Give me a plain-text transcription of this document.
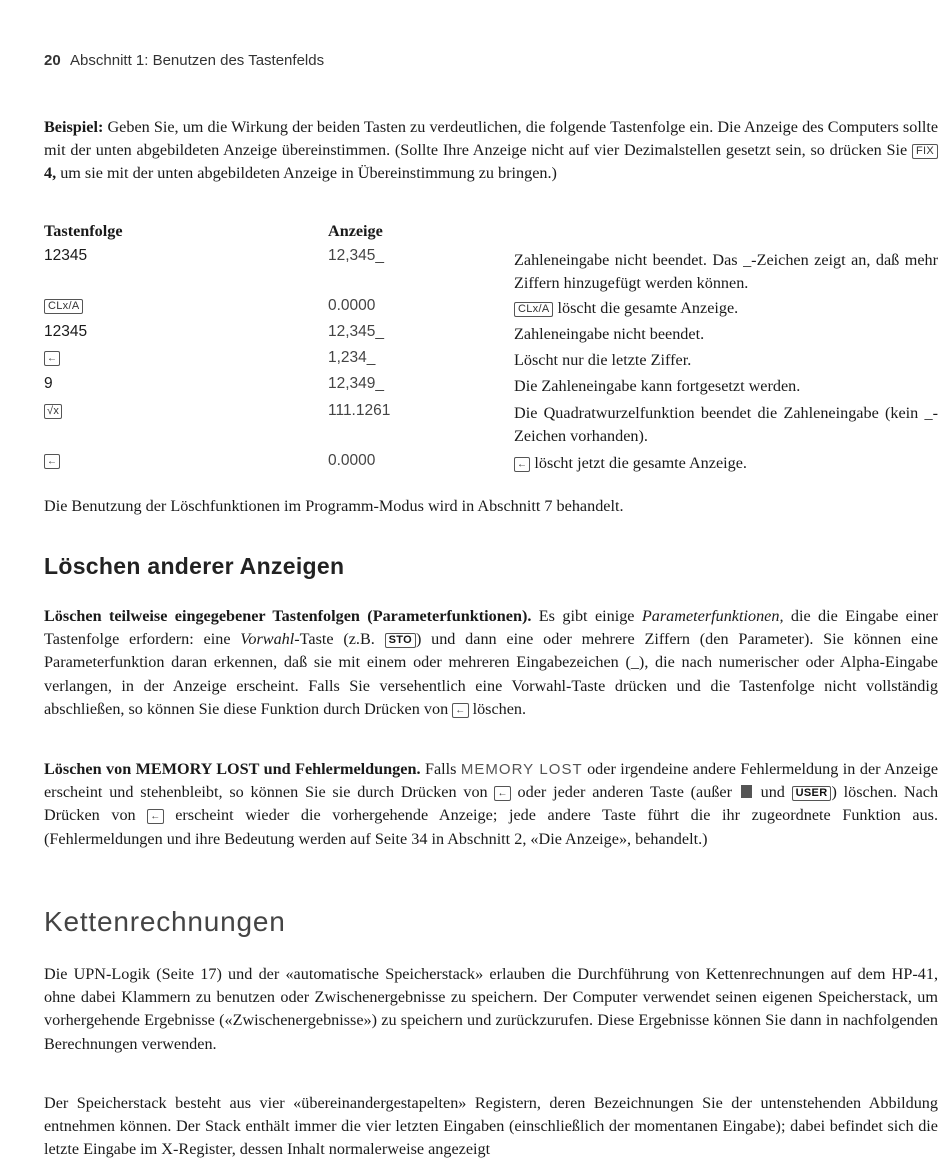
20 Abschnitt 1: Benutzen des Tastenfelds

Beispiel: Geben Sie, um die Wirkung der beiden Tasten zu verdeutlichen, die folgende Tastenfolge ein. Die Anzeige des Computers sollte mit der unten abgebildeten Anzeige übereinstimmen. (Sollte Ihre Anzeige nicht auf vier Dezimalstellen gesetzt sein, so drücken Sie FIX 4, um sie mit der unten abgebildeten Anzeige in Übereinstimmung zu bringen.)

Tastenfolge	Anzeige
12345	12,345_	Zahleneingabe nicht beendet. Das _-Zeichen zeigt an, daß mehr Ziffern hinzugefügt werden können.
CLx/A	0.0000	CLx/A löscht die gesamte Anzeige.
12345	12,345_	Zahleneingabe nicht beendet.
←	1,234_	Löscht nur die letzte Ziffer.
9	12,349_	Die Zahleneingabe kann fortgesetzt werden.
√x	111.1261	Die Quadratwurzelfunktion beendet die Zahleneingabe (kein _-Zeichen vorhanden).
←	0.0000	← löscht jetzt die gesamte Anzeige.

Die Benutzung der Löschfunktionen im Programm-Modus wird in Abschnitt 7 behandelt.

Löschen anderer Anzeigen

Löschen teilweise eingegebener Tastenfolgen (Parameterfunktionen). Es gibt einige Parameterfunktionen, die die Eingabe einer Tastenfolge erfordern: eine Vorwahl-Taste (z.B. STO ) und dann eine oder mehrere Ziffern (den Parameter). Sie können eine Parameterfunktion daran erkennen, daß sie mit einem oder mehreren Eingabezeichen (_), die nach numerischer oder Alpha-Eingabe verlangen, in der Anzeige erscheint. Falls Sie versehentlich eine Vorwahl-Taste drücken und die Tastenfolge nicht vollständig abschließen, so können Sie diese Funktion durch Drücken von ← löschen.

Löschen von MEMORY LOST und Fehlermeldungen. Falls MEMORY LOST oder irgendeine andere Fehlermeldung in der Anzeige erscheint und stehenbleibt, so können Sie sie durch Drücken von ← oder jeder anderen Taste (außer und USER ) löschen. Nach Drücken von ← erscheint wieder die vorhergehende Anzeige; jede andere Taste führt die ihr zugeordnete Funktion aus. (Fehlermeldungen und ihre Bedeutung werden auf Seite 34 in Abschnitt 2, «Die Anzeige», behandelt.)

Kettenrechnungen

Die UPN-Logik (Seite 17) und der «automatische Speicherstack» erlauben die Durchführung von Kettenrechnungen auf dem HP-41, ohne dabei Klammern zu benutzen oder Zwischenergebnisse zu speichern. Der Computer verwendet seinen eigenen Speicherstack, um vorhergehende Ergebnisse («Zwischenergebnisse») zu speichern und zurückzurufen. Diese Ergebnisse können Sie dann in nachfolgenden Berechnungen verwenden.

Der Speicherstack besteht aus vier «übereinandergestapelten» Registern, deren Bezeichnungen Sie der untenstehenden Abbildung entnehmen können. Der Stack enthält immer die vier letzten Eingaben (einschließlich der momentanen Eingabe); dabei befindet sich die letzte Eingabe im X-Register, dessen Inhalt normalerweise angezeigt
